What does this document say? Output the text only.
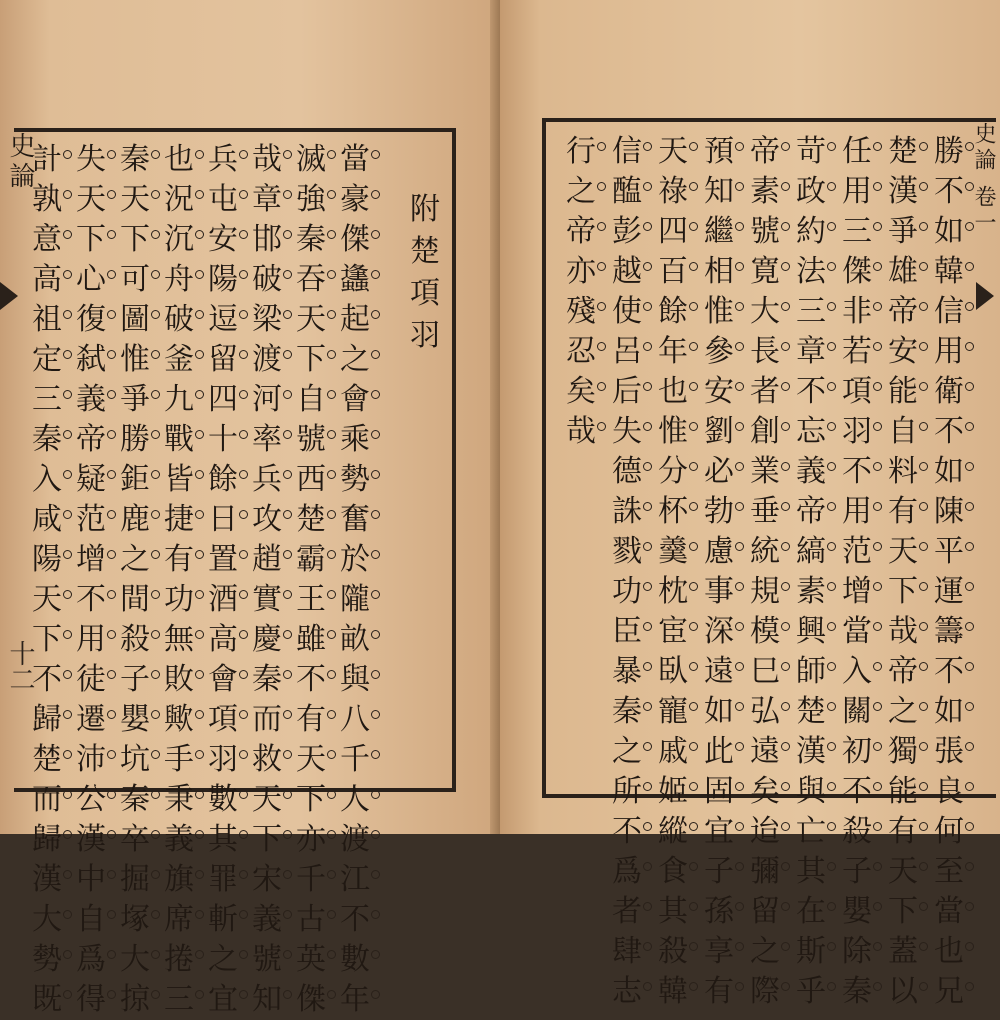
史論
十二
計
孰
意
高
祖
定
三
秦
入
咸
陽
天
下
不
歸
楚
而
歸
漢
大
勢
既
失
天
下
心
復
弑
義
帝
疑
范
增
不
用
徒
遷
沛
公
漢
中
自
爲
得
秦
天
下
可
圖
惟
爭
勝
鉅
鹿
之
間
殺
子
嬰
坑
秦
卒
掘
塚
大
掠
也
況
沉
舟
破
釜
九
戰
皆
捷
有
功
無
敗
歟
手
秉
義
旗
席
捲
三
兵
屯
安
陽
逗
留
四
十
餘
日
置
酒
高
會
項
羽
數
其
罪
斬
之
宜
哉
章
邯
破
梁
渡
河
率
兵
攻
趙
實
慶
秦
而
救
天
下
宋
義
號
知
滅
強
秦
吞
天
下
自
號
西
楚
霸
王
雖
不
有
天
下
亦
千
古
英
傑
當
豪
傑
蠭
起
之
會
乘
勢
奮
於
隴
畝
與
八
千
人
渡
江
不
數
年
附
楚
項
羽
行
之
帝
亦
殘
忍
矣
哉
信
醢
彭
越
使
呂
后
失
德
誅
戮
功
臣
暴
秦
之
所
不
爲
者
肆
志
天
祿
四
百
餘
年
也
惟
分
杯
羹
枕
宦
臥
寵
戚
姬
縱
食
其
殺
韓
預
知
繼
相
惟
參
安
劉
必
勃
慮
事
深
遠
如
此
固
宜
子
孫
享
有
帝
素
號
寛
大
長
者
創
業
垂
統
規
模
巳
弘
遠
矣
迨
彌
留
之
際
苛
政
約
法
三
章
不
忘
義
帝
縞
素
興
師
楚
漢
與
亡
其
在
斯
乎
任
用
三
傑
非
若
項
羽
不
用
范
增
當
入
關
初
不
殺
子
嬰
除
秦
楚
漢
爭
雄
帝
安
能
自
料
有
天
下
哉
帝
之
獨
能
有
天
下
蓋
以
勝
不
如
韓
信
用
衛
不
如
陳
平
運
籌
不
如
張
良
何
至
當
也
兄
史論 卷一
